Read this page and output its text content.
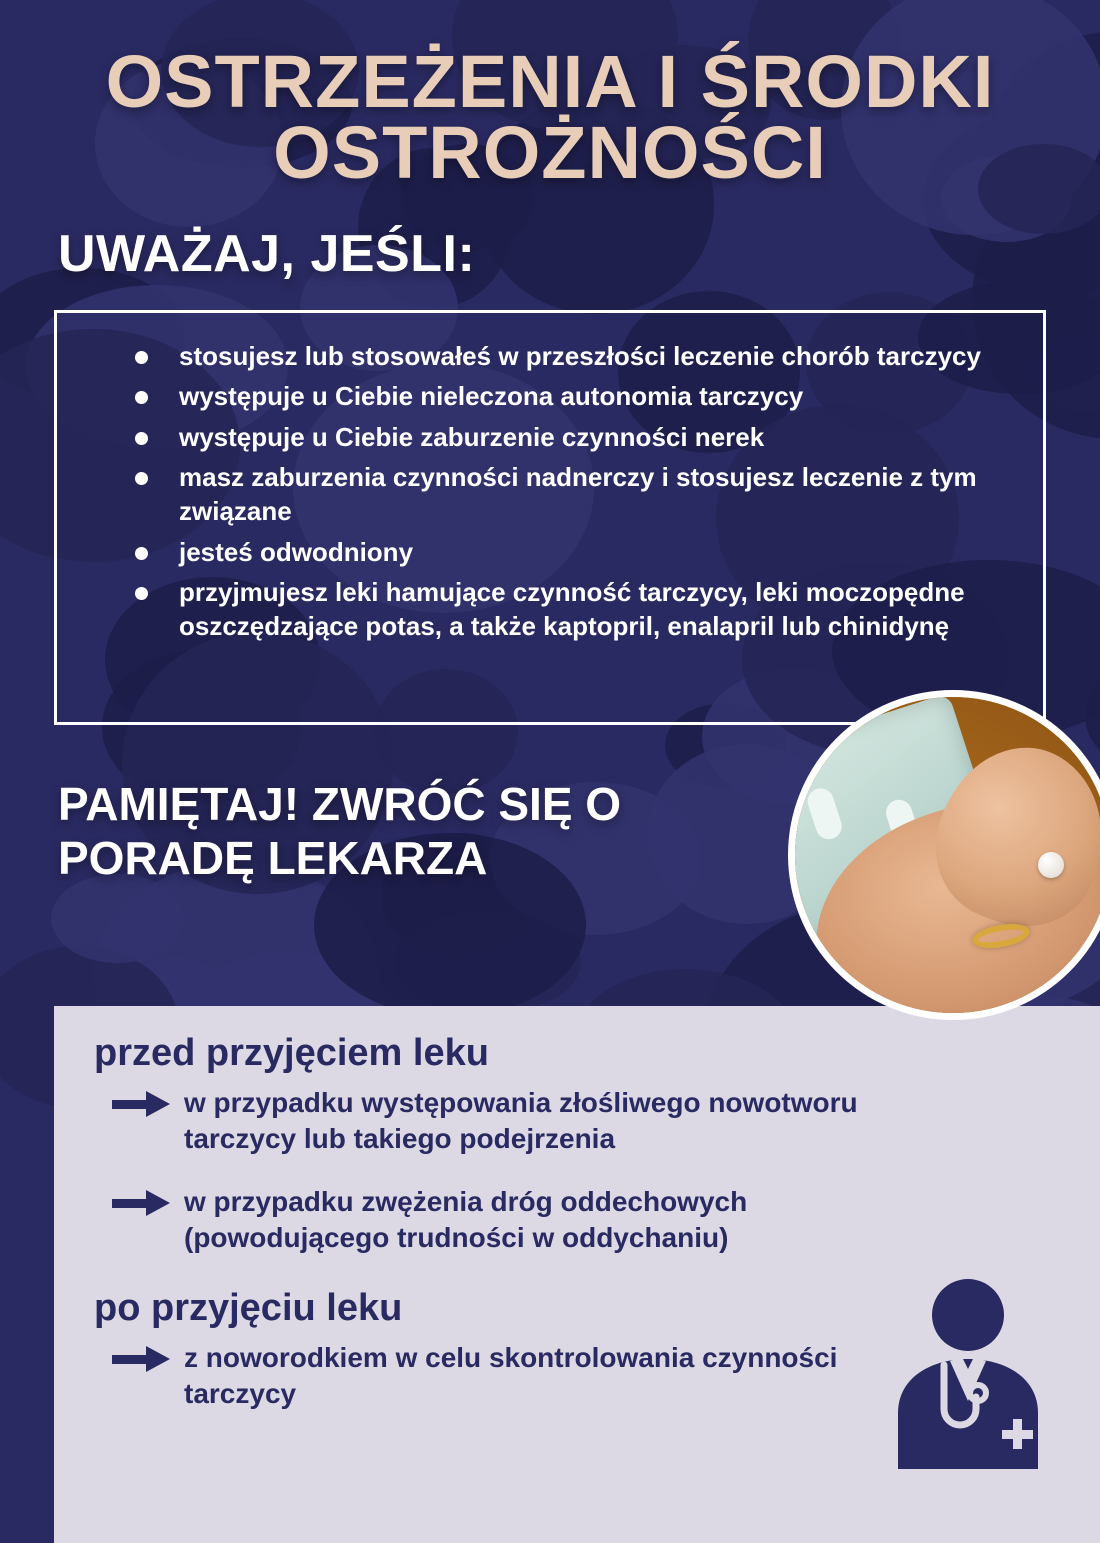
OSTRZEŻENIA I ŚRODKI OSTROŻNOŚCI
UWAŻAJ, JEŚLI:
stosujesz lub stosowałeś w przeszłości leczenie chorób tarczycy
występuje u Ciebie nieleczona autonomia tarczycy
występuje u Ciebie zaburzenie czynności nerek
masz zaburzenia czynności nadnerczy i stosujesz leczenie z tym związane
jesteś odwodniony
przyjmujesz leki hamujące czynność tarczycy, leki moczopędne oszczędzające potas, a także kaptopril, enalapril lub chinidynę
PAMIĘTAJ! ZWRÓĆ SIĘ O PORADĘ LEKARZA
przed przyjęciem leku
w przypadku występowania złośliwego nowotworu tarczycy lub takiego podejrzenia
w przypadku zwężenia dróg oddechowych (powodującego trudności w oddychaniu)
po przyjęciu leku
z noworodkiem w celu skontrolowania czynności tarczycy
